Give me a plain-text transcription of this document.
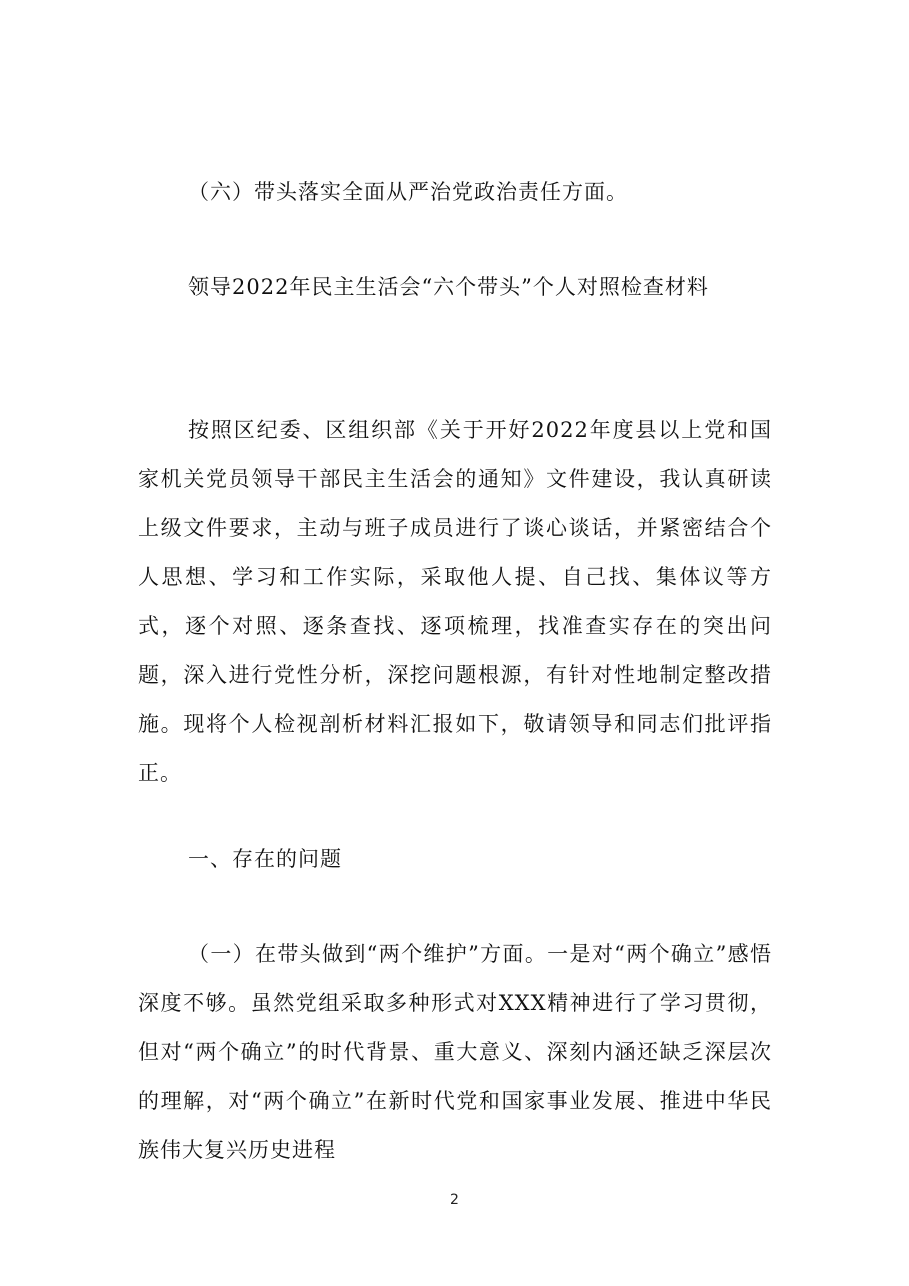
（六）带头落实全面从严治党政治责任方面。

领导2022年民主生活会“六个带头”个人对照检查材料

按照区纪委、区组织部《关于开好2022年度县以上党和国家机关党员领导干部民主生活会的通知》文件建设，我认真研读上级文件要求，主动与班子成员进行了谈心谈话，并紧密结合个人思想、学习和工作实际，采取他人提、自己找、集体议等方式，逐个对照、逐条查找、逐项梳理，找准查实存在的突出问题，深入进行党性分析，深挖问题根源，有针对性地制定整改措施。现将个人检视剖析材料汇报如下，敬请领导和同志们批评指正。

一、存在的问题

（一）在带头做到“两个维护”方面。一是对“两个确立”感悟深度不够。虽然党组采取多种形式对XXX精神进行了学习贯彻，但对“两个确立”的时代背景、重大意义、深刻内涵还缺乏深层次的理解，对“两个确立”在新时代党和国家事业发展、推进中华民族伟大复兴历史进程

2
